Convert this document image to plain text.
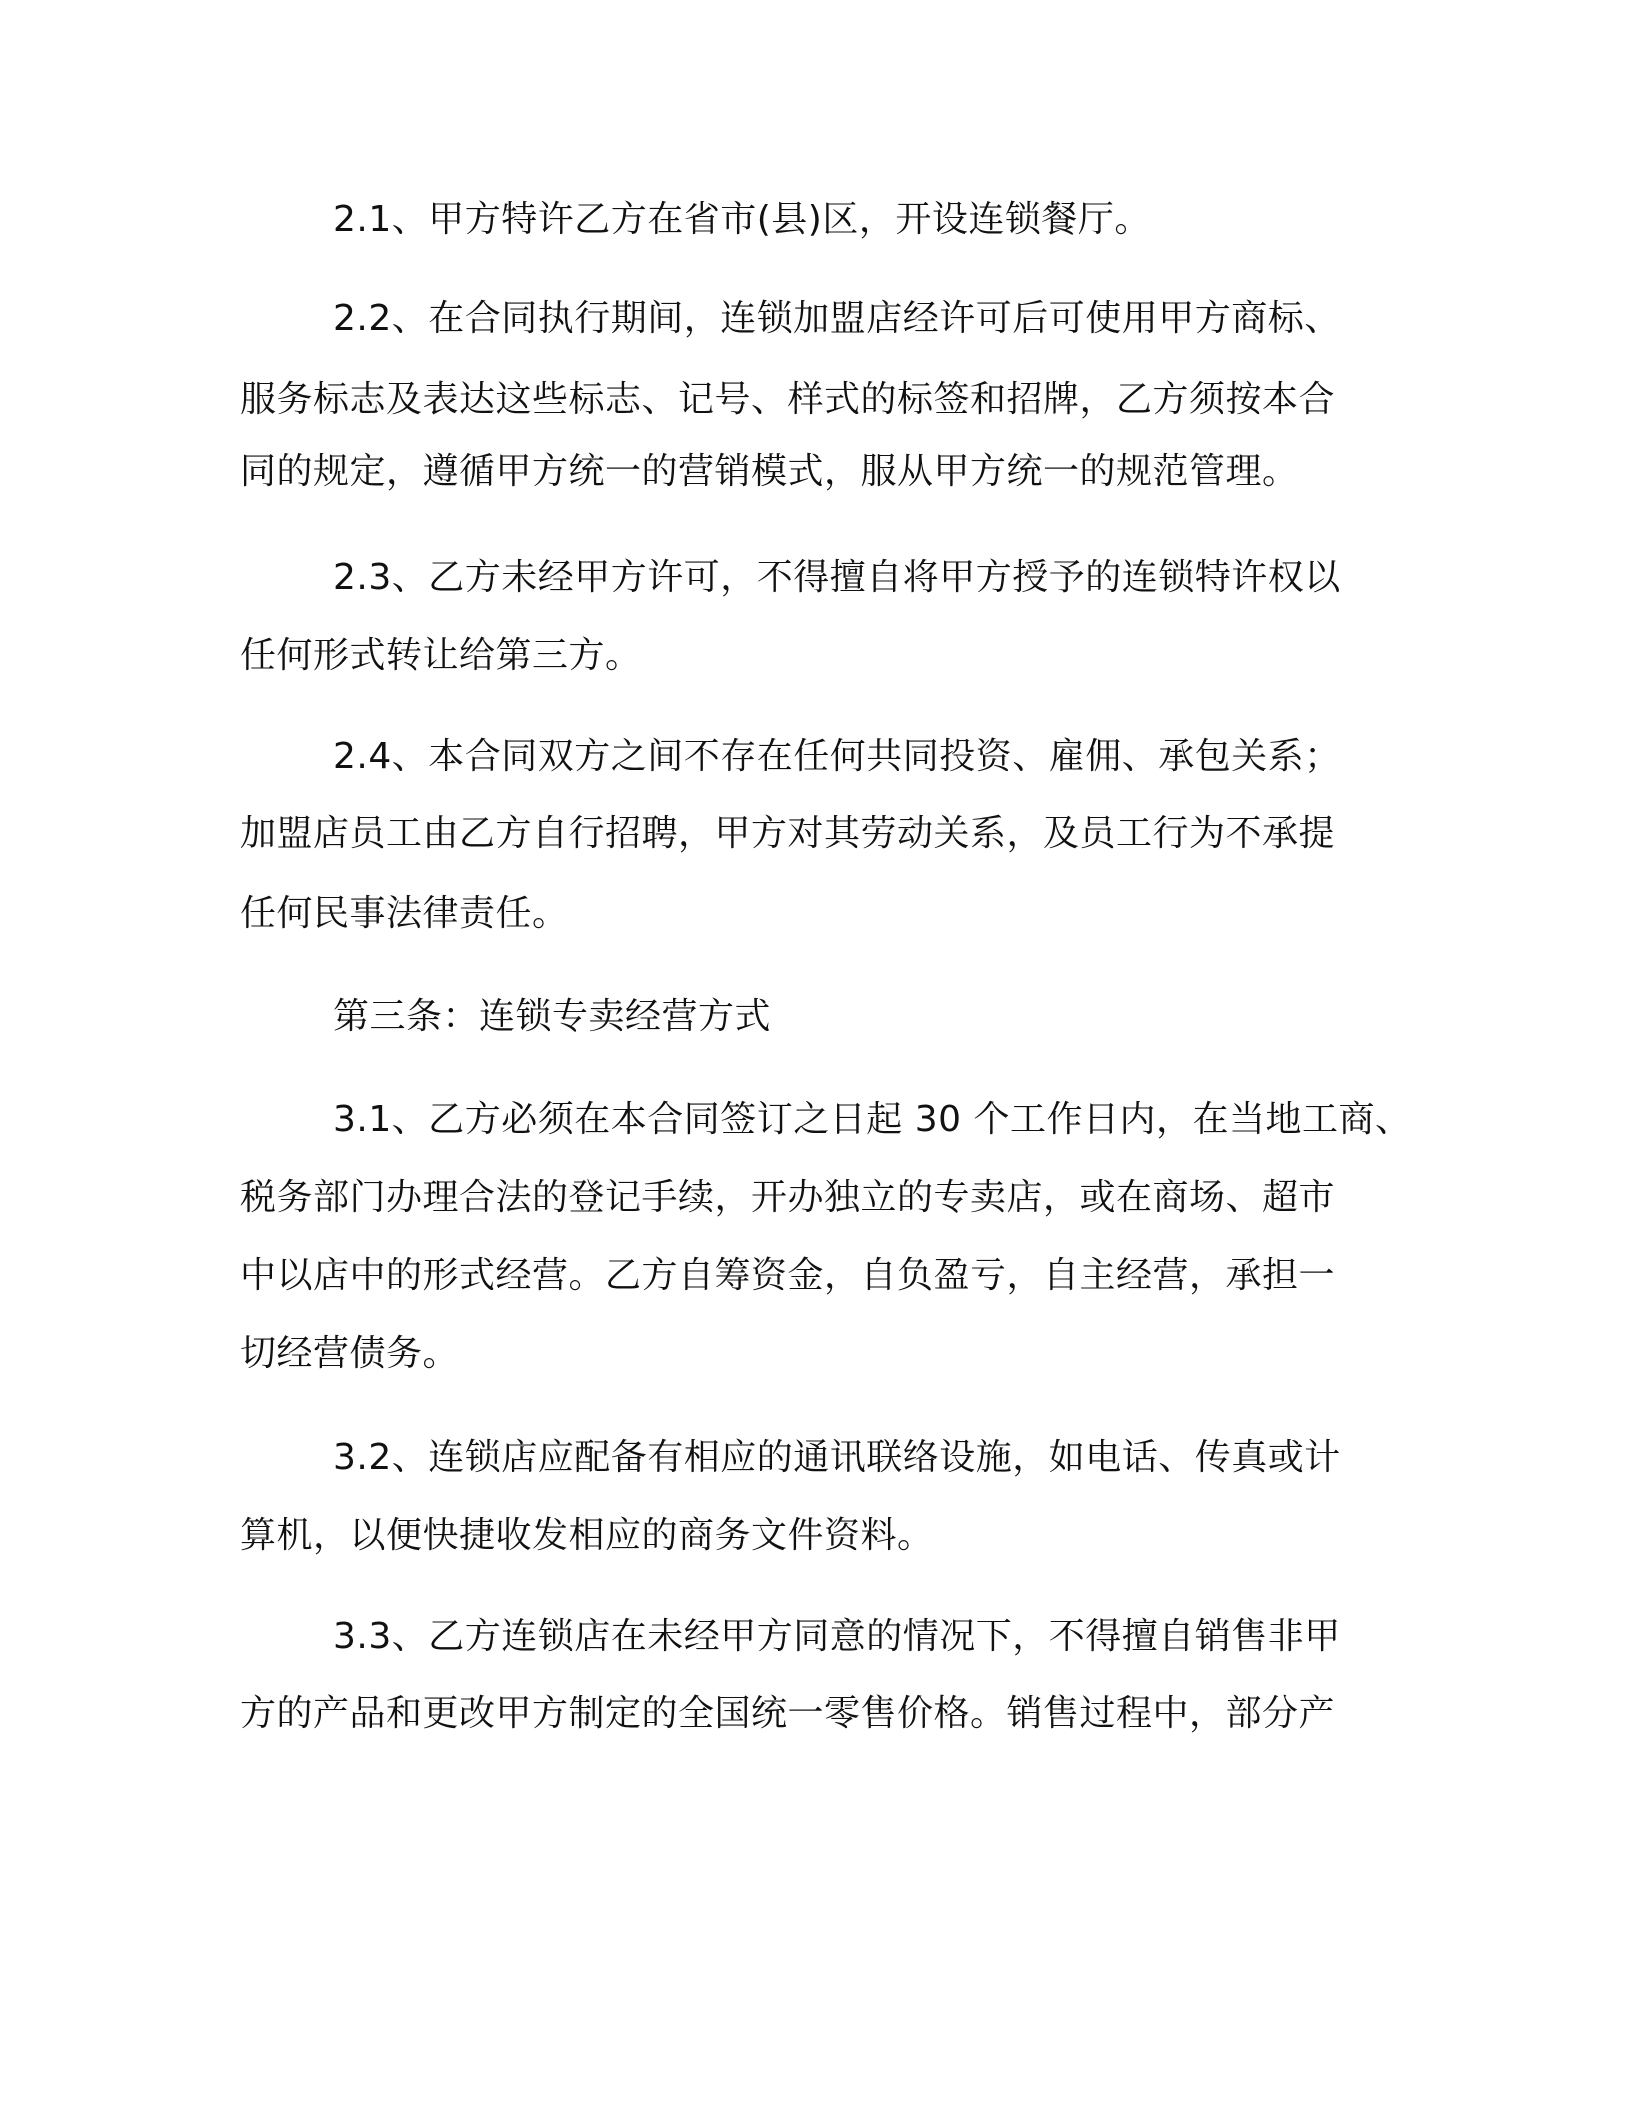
2.1、甲方特许乙方在省市(县)区，开设连锁餐厅。
2.2、在合同执行期间，连锁加盟店经许可后可使用甲方商标、
服务标志及表达这些标志、记号、样式的标签和招牌，乙方须按本合
同的规定，遵循甲方统一的营销模式，服从甲方统一的规范管理。
2.3、乙方未经甲方许可，不得擅自将甲方授予的连锁特许权以
任何形式转让给第三方。
2.4、本合同双方之间不存在任何共同投资、雇佣、承包关系；
加盟店员工由乙方自行招聘，甲方对其劳动关系，及员工行为不承提
任何民事法律责任。
第三条：连锁专卖经营方式
3.1、乙方必须在本合同签订之日起 30 个工作日内，在当地工商、
税务部门办理合法的登记手续，开办独立的专卖店，或在商场、超市
中以店中的形式经营。乙方自筹资金，自负盈亏，自主经营，承担一
切经营债务。
3.2、连锁店应配备有相应的通讯联络设施，如电话、传真或计
算机，以便快捷收发相应的商务文件资料。
3.3、乙方连锁店在未经甲方同意的情况下，不得擅自销售非甲
方的产品和更改甲方制定的全国统一零售价格。销售过程中，部分产
